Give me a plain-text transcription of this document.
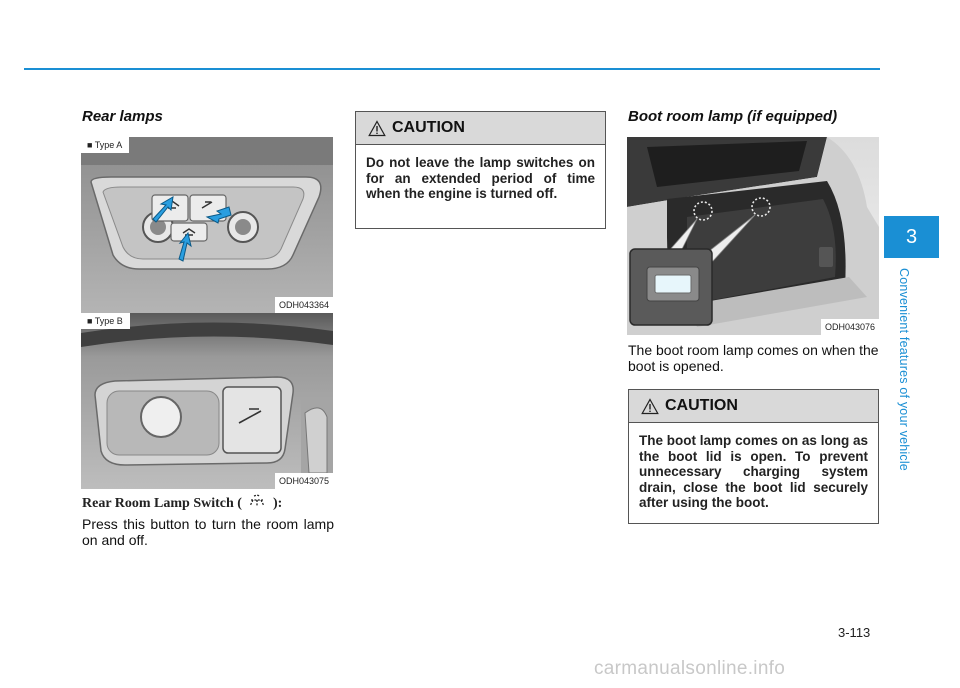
Rear lamps
■ Type A
ODH043364
■ Type B
ODH043075
Rear Room Lamp Switch ( ):
Press this button to turn the room lamp on and off.
CAUTION
Do not leave the lamp switches on for an extended period of time when the engine is turned off.
Boot room lamp (if equipped)
ODH043076
The boot room lamp comes on when the boot is opened.
CAUTION
The boot lamp comes on as long as the boot lid is open. To prevent unnecessary charging system drain, close the boot lid securely after using the boot.
3
Convenient features of your vehicle
3-113
carmanualsonline.info
